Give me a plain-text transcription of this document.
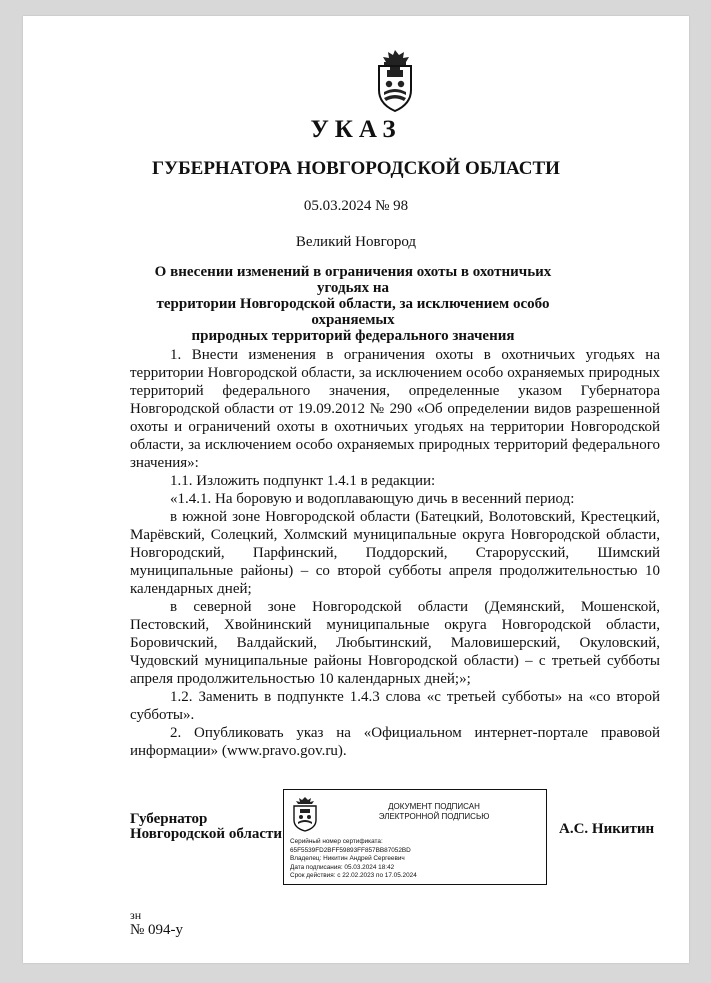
УКАЗ
ГУБЕРНАТОРА НОВГОРОДСКОЙ ОБЛАСТИ
05.03.2024 № 98
Великий Новгород
О внесении изменений в ограничения охоты в охотничьих угодьях на
территории Новгородской области, за исключением особо охраняемых
природных территорий федерального значения

1. Внести изменения в ограничения охоты в охотничьих угодьях на территории Новгородской области, за исключением особо охраняемых природных территорий федерального значения, определенные указом Губернатора Новгородской области от 19.09.2012 № 290 «Об определении видов разрешенной охоты и ограничений охоты в охотничьих угодьях на территории Новгородской области, за исключением особо охраняемых природных территорий федерального значения»:

1.1. Изложить подпункт 1.4.1 в редакции:

«1.4.1. На боровую и водоплавающую дичь в весенний период:

в южной зоне Новгородской области (Батецкий, Волотовский, Крестецкий, Марёвский, Солецкий, Холмский муниципальные округа Новгородской области, Новгородский, Парфинский, Поддорский, Старорусский, Шимский муниципальные районы) – со второй субботы апреля продолжительностью 10 календарных дней;

в северной зоне Новгородской области (Демянский, Мошенской, Пестовский, Хвойнинский муниципальные округа Новгородской области, Боровичский, Валдайский, Любытинский, Маловишерский, Окуловский, Чудовский муниципальные районы Новгородской области) – с третьей субботы апреля продолжительностью 10 календарных дней;»;

1.2. Заменить в подпункте 1.4.3 слова «с третьей субботы» на «со второй субботы».

2. Опубликовать указ на «Официальном интернет-портале правовой информации» (www.pravo.gov.ru).

Губернатор
Новгородской области
ДОКУМЕНТ ПОДПИСАН
ЭЛЕКТРОННОЙ ПОДПИСЬЮ
Серийный номер сертификата:
65F5539FD2BFF59893FF857BB87052BD
Владелец: Никитин Андрей Сергеевич
Дата подписания: 05.03.2024 18:42
Срок действия: с 22.02.2023 по 17.05.2024
А.С. Никитин
зн
№ 094-у
